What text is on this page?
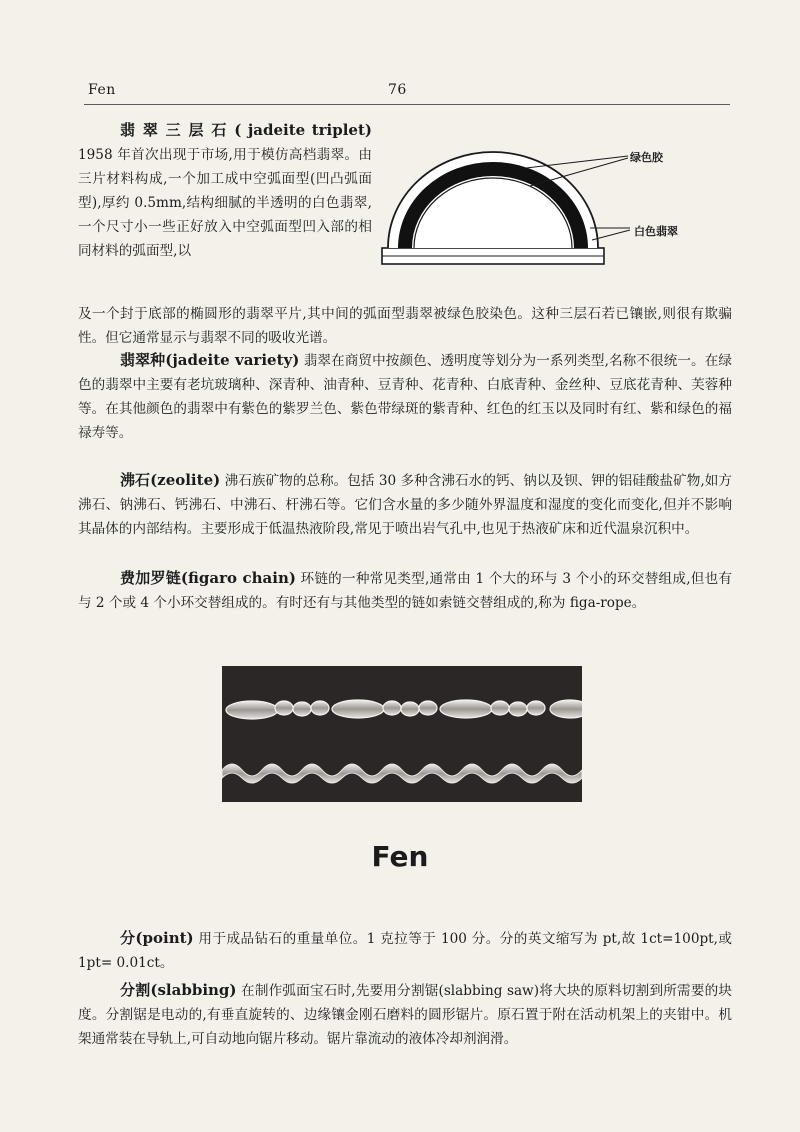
Fen	76
翡 翠 三 层 石 ( jadeite triplet) 1958 年首次出现于市场,用于模仿高档翡翠。由三片材料构成,一个加工成中空弧面型(凹凸弧面型),厚约 0.5mm,结构细腻的半透明的白色翡翠,一个尺寸小一些正好放入中空弧面型凹入部的相同材料的弧面型,以
绿色胶
白色翡翠
及一个封于底部的椭圆形的翡翠平片,其中间的弧面型翡翠被绿色胶染色。这种三层石若已镶嵌,则很有欺骗性。但它通常显示与翡翠不同的吸收光谱。
翡翠种(jadeite variety) 翡翠在商贸中按颜色、透明度等划分为一系列类型,名称不很统一。在绿色的翡翠中主要有老坑玻璃种、深青种、油青种、豆青种、花青种、白底青种、金丝种、豆底花青种、芙蓉种等。在其他颜色的翡翠中有紫色的紫罗兰色、紫色带绿斑的紫青种、红色的红玉以及同时有红、紫和绿色的福禄寿等。
沸石(zeolite) 沸石族矿物的总称。包括 30 多种含沸石水的钙、钠以及钡、钾的铝硅酸盐矿物,如方沸石、钠沸石、钙沸石、中沸石、杆沸石等。它们含水量的多少随外界温度和湿度的变化而变化,但并不影响其晶体的内部结构。主要形成于低温热液阶段,常见于喷出岩气孔中,也见于热液矿床和近代温泉沉积中。
费加罗链(figaro chain) 环链的一种常见类型,通常由 1 个大的环与 3 个小的环交替组成,但也有与 2 个或 4 个小环交替组成的。有时还有与其他类型的链如索链交替组成的,称为 figa-rope。
Fen
分(point) 用于成品钻石的重量单位。1 克拉等于 100 分。分的英文缩写为 pt,故 1ct=100pt,或 1pt= 0.01ct。
分割(slabbing) 在制作弧面宝石时,先要用分割锯(slabbing saw)将大块的原料切割到所需要的块度。分割锯是电动的,有垂直旋转的、边缘镶金刚石磨料的圆形锯片。原石置于附在活动机架上的夹钳中。机架通常装在导轨上,可自动地向锯片移动。锯片靠流动的液体冷却剂润滑。
